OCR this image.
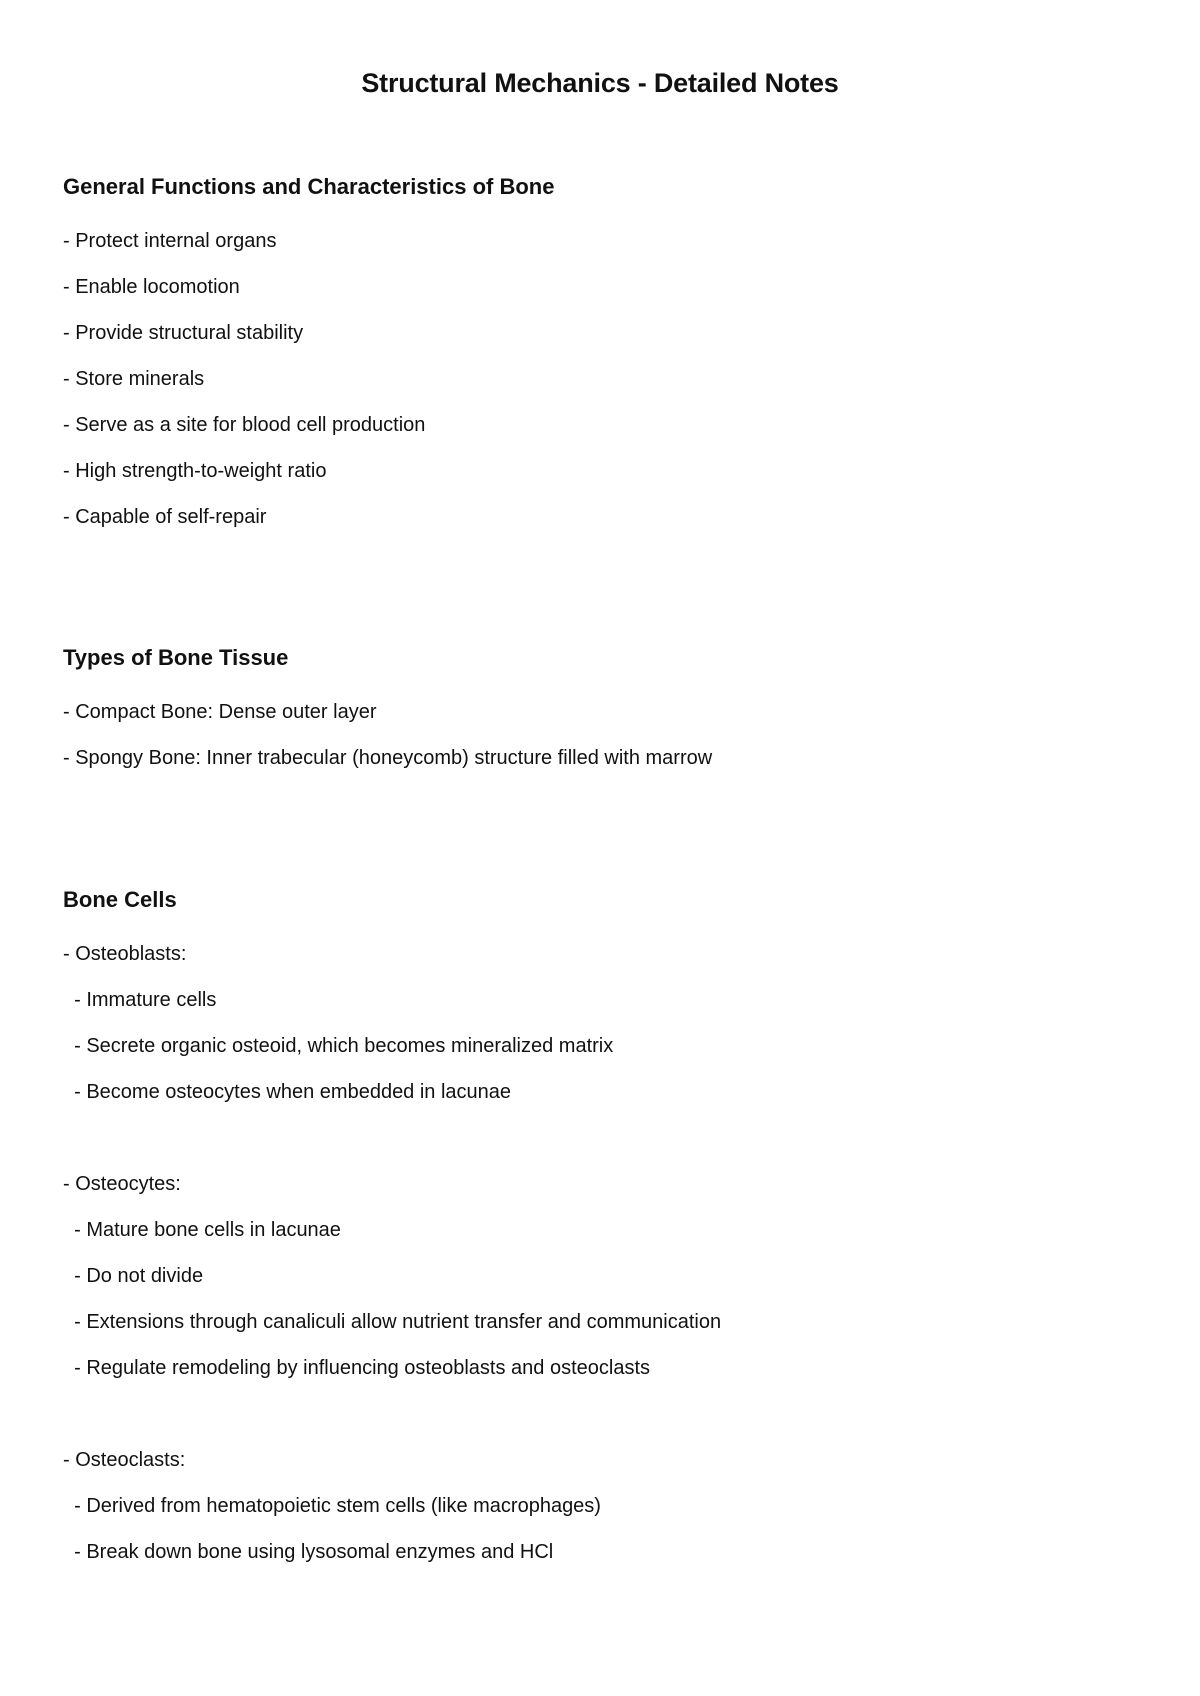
Structural Mechanics - Detailed Notes
General Functions and Characteristics of Bone
- Protect internal organs
- Enable locomotion
- Provide structural stability
- Store minerals
- Serve as a site for blood cell production
- High strength-to-weight ratio
- Capable of self-repair
Types of Bone Tissue
- Compact Bone: Dense outer layer
- Spongy Bone: Inner trabecular (honeycomb) structure filled with marrow
Bone Cells
- Osteoblasts:
- Immature cells
- Secrete organic osteoid, which becomes mineralized matrix
- Become osteocytes when embedded in lacunae
- Osteocytes:
- Mature bone cells in lacunae
- Do not divide
- Extensions through canaliculi allow nutrient transfer and communication
- Regulate remodeling by influencing osteoblasts and osteoclasts
- Osteoclasts:
- Derived from hematopoietic stem cells (like macrophages)
- Break down bone using lysosomal enzymes and HCl
